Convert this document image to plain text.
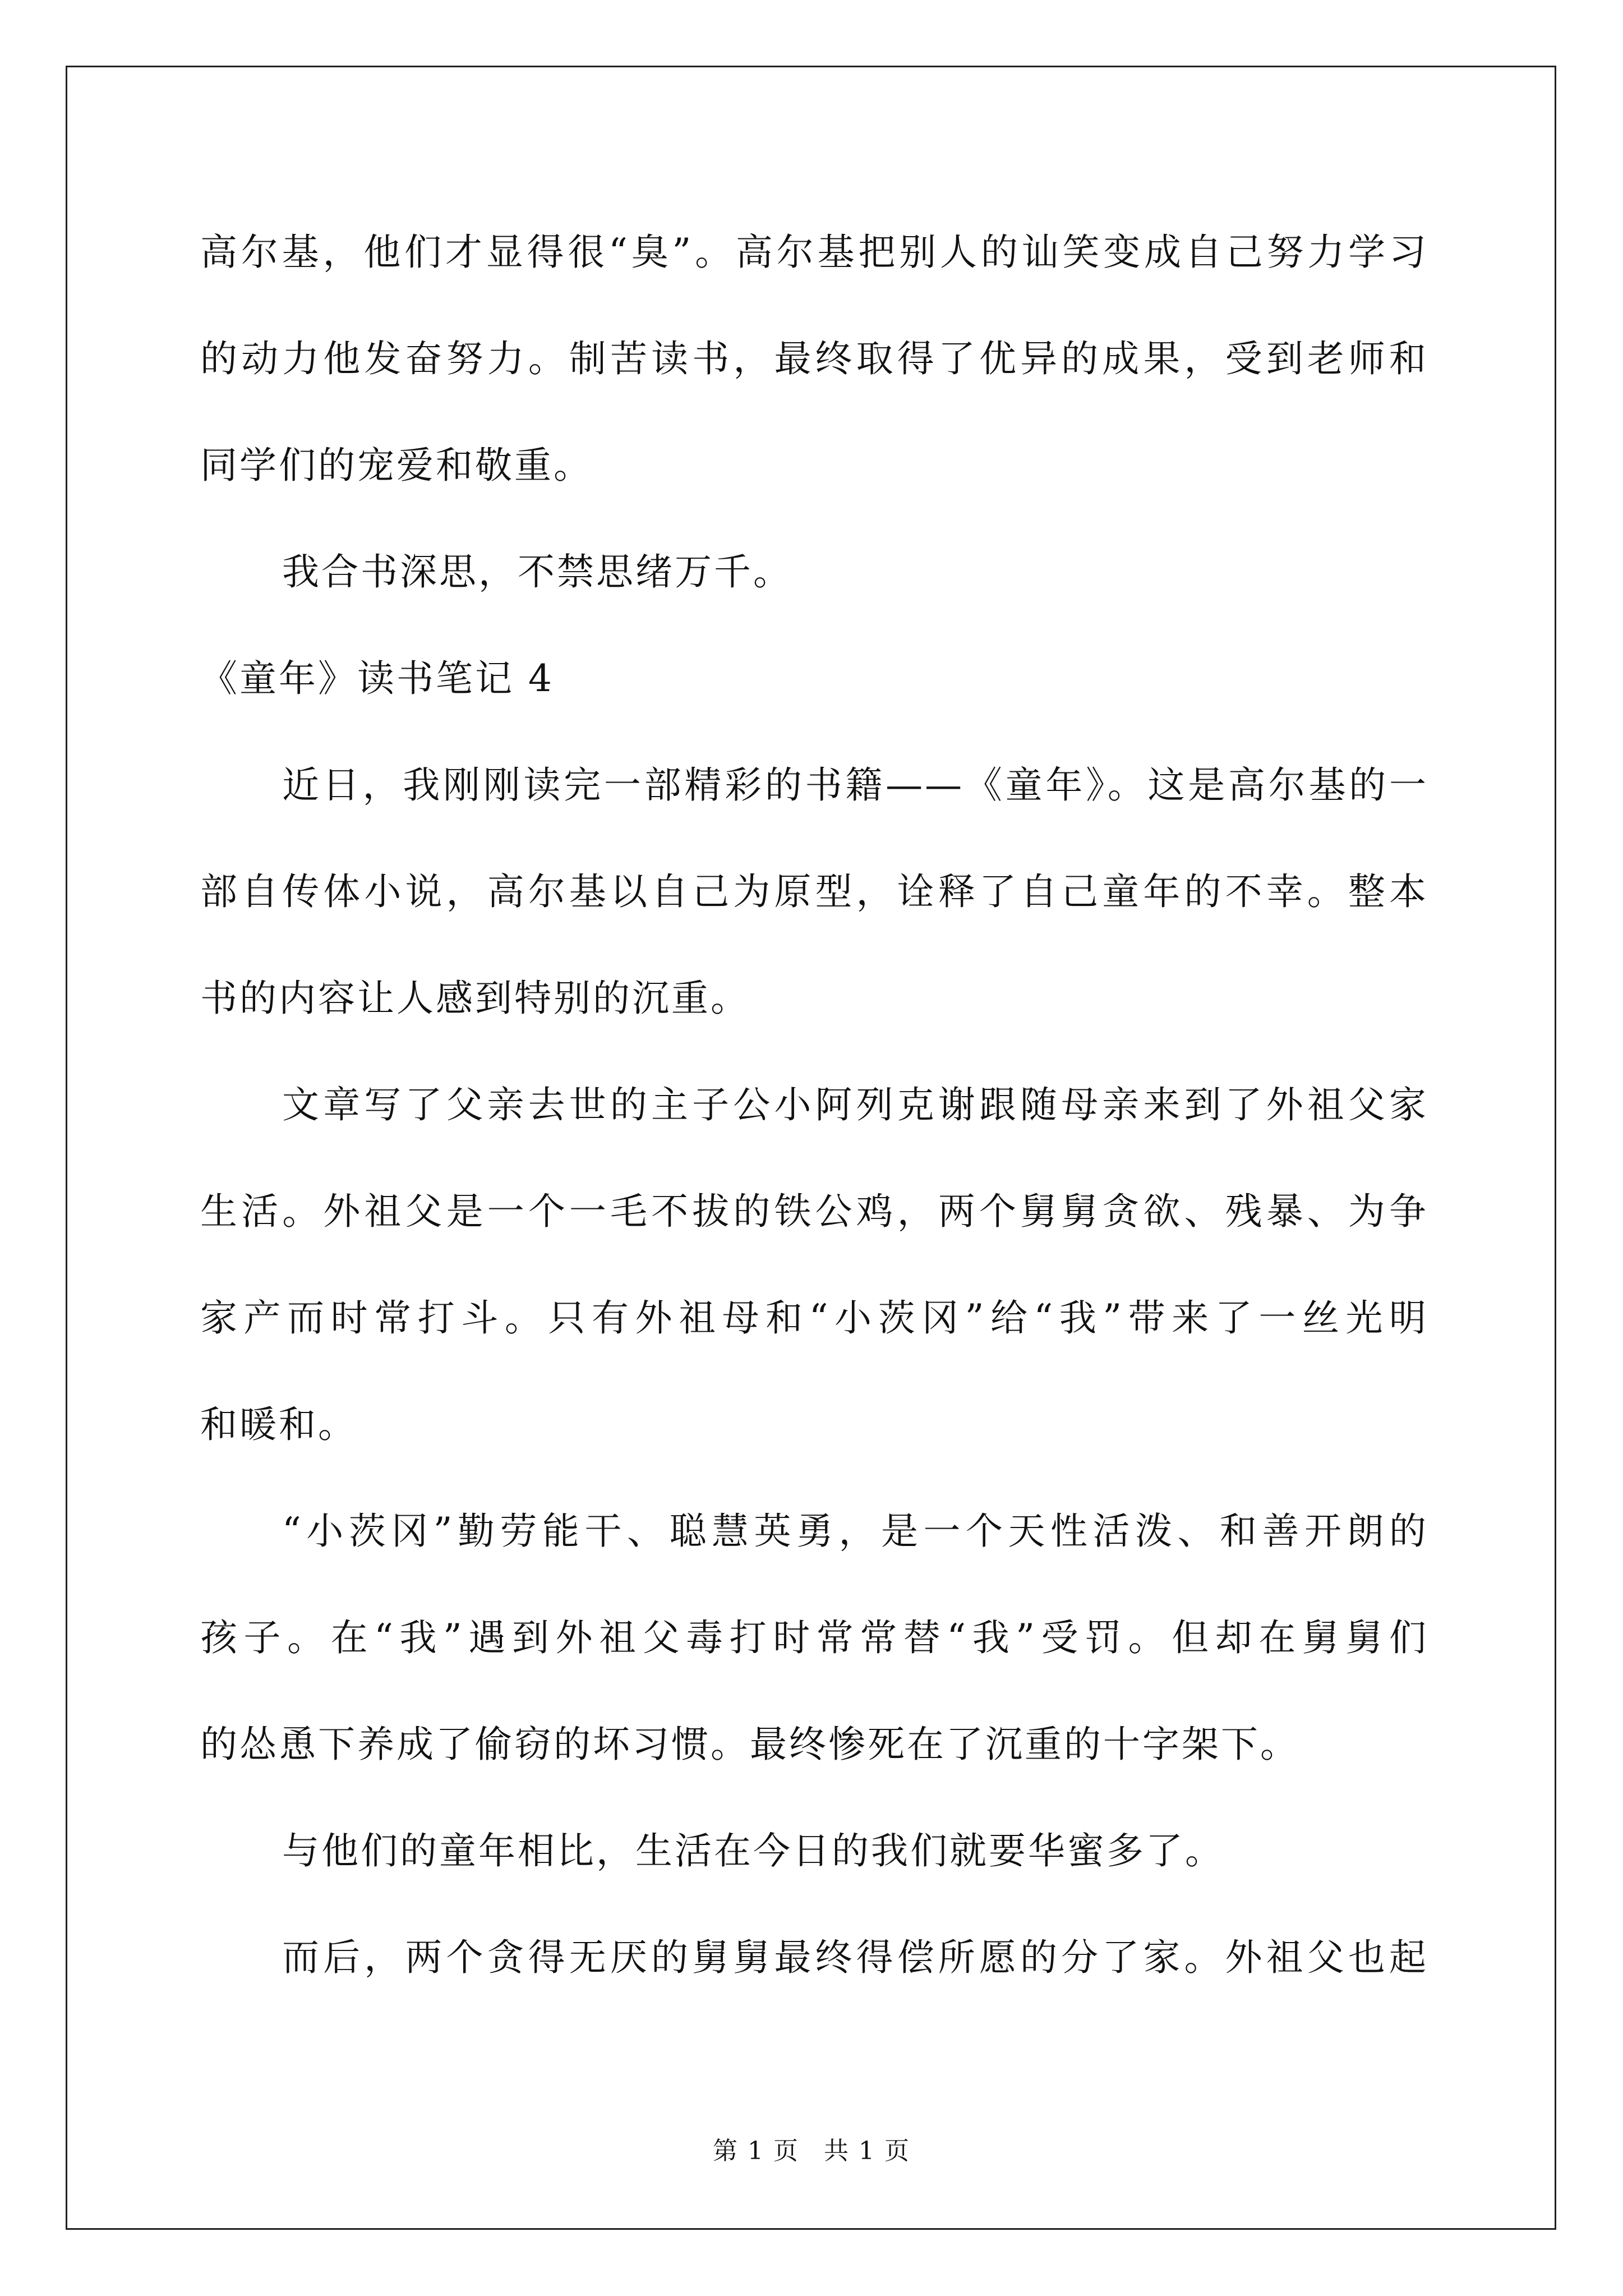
高尔基，他们才显得很“臭”。高尔基把别人的讪笑变成自己努力学习
的动力他发奋努力。制苦读书，最终取得了优异的成果，受到老师和
同学们的宠爱和敬重。
我合书深思，不禁思绪万千。
《童年》读书笔记 4
近日，我刚刚读完一部精彩的书籍——《童年》。这是高尔基的一
部自传体小说，高尔基以自己为原型，诠释了自己童年的不幸。整本
书的内容让人感到特别的沉重。
文章写了父亲去世的主子公小阿列克谢跟随母亲来到了外祖父家
生活。外祖父是一个一毛不拔的铁公鸡，两个舅舅贪欲、残暴、为争
家产而时常打斗。只有外祖母和“小茨冈”给“我”带来了一丝光明
和暖和。
“小茨冈”勤劳能干、聪慧英勇，是一个天性活泼、和善开朗的
孩子。在“我”遇到外祖父毒打时常常替“我”受罚。但却在舅舅们
的怂恿下养成了偷窃的坏习惯。最终惨死在了沉重的十字架下。
与他们的童年相比，生活在今日的我们就要华蜜多了。
而后，两个贪得无厌的舅舅最终得偿所愿的分了家。外祖父也起
第 1 页 共 1 页
